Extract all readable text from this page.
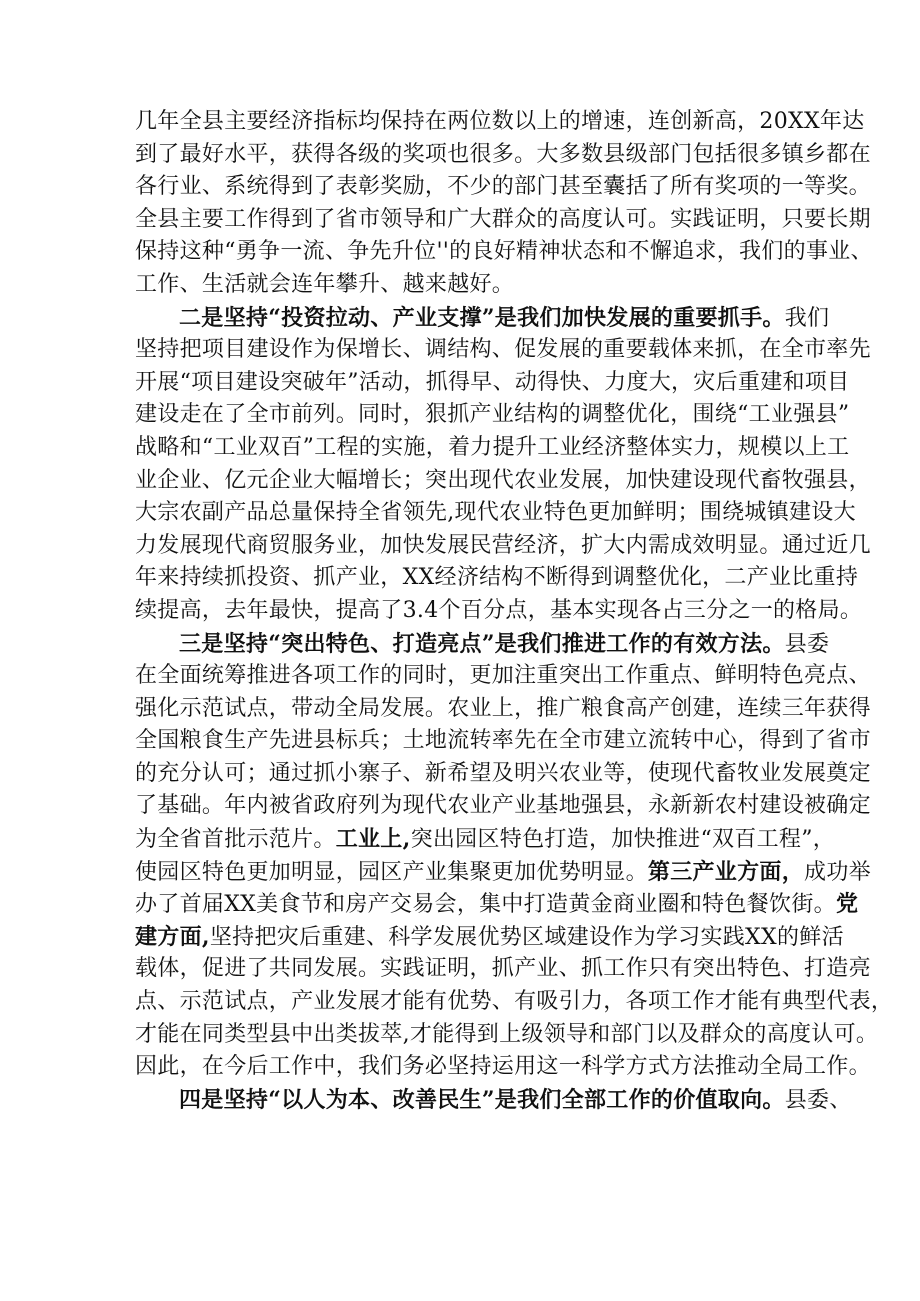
几年全县主要经济指标均保持在两位数以上的增速，连创新高，20XX年达
到了最好水平，获得各级的奖项也很多。大多数县级部门包括很多镇乡都在
各行业、系统得到了表彰奖励，不少的部门甚至囊括了所有奖项的一等奖。
全县主要工作得到了省市领导和广大群众的高度认可。实践证明，只要长期
保持这种“勇争一流、争先升位''的良好精神状态和不懈追求，我们的事业、
工作、生活就会连年攀升、越来越好。
二是坚持“投资拉动、产业支撑”是我们加快发展的重要抓手。我们
坚持把项目建设作为保增长、调结构、促发展的重要载体来抓，在全市率先
开展“项目建设突破年”活动，抓得早、动得快、力度大，灾后重建和项目
建设走在了全市前列。同时，狠抓产业结构的调整优化，围绕“工业强县”
战略和“工业双百”工程的实施，着力提升工业经济整体实力，规模以上工
业企业、亿元企业大幅增长；突出现代农业发展，加快建设现代畜牧强县，
大宗农副产品总量保持全省领先,现代农业特色更加鲜明；围绕城镇建设大
力发展现代商贸服务业，加快发展民营经济，扩大内需成效明显。通过近几
年来持续抓投资、抓产业，XX经济结构不断得到调整优化，二产业比重持
续提高，去年最快，提高了3.4个百分点，基本实现各占三分之一的格局。
三是坚持“突出特色、打造亮点”是我们推进工作的有效方法。县委
在全面统筹推进各项工作的同时，更加注重突出工作重点、鲜明特色亮点、
强化示范试点，带动全局发展。农业上，推广粮食高产创建，连续三年获得
全国粮食生产先进县标兵；土地流转率先在全市建立流转中心，得到了省市
的充分认可；通过抓小寨子、新希望及明兴农业等，使现代畜牧业发展奠定
了基础。年内被省政府列为现代农业产业基地强县，永新新农村建设被确定
为全省首批示范片。工业上,突出园区特色打造，加快推进“双百工程”，
使园区特色更加明显，园区产业集聚更加优势明显。第三产业方面，成功举
办了首届XX美食节和房产交易会，集中打造黄金商业圈和特色餐饮街。党
建方面,坚持把灾后重建、科学发展优势区域建设作为学习实践XX的鲜活
载体，促进了共同发展。实践证明，抓产业、抓工作只有突出特色、打造亮
点、示范试点，产业发展才能有优势、有吸引力，各项工作才能有典型代表，
才能在同类型县中出类拔萃,才能得到上级领导和部门以及群众的高度认可。
因此，在今后工作中，我们务必坚持运用这一科学方式方法推动全局工作。
四是坚持“以人为本、改善民生”是我们全部工作的价值取向。县委、
